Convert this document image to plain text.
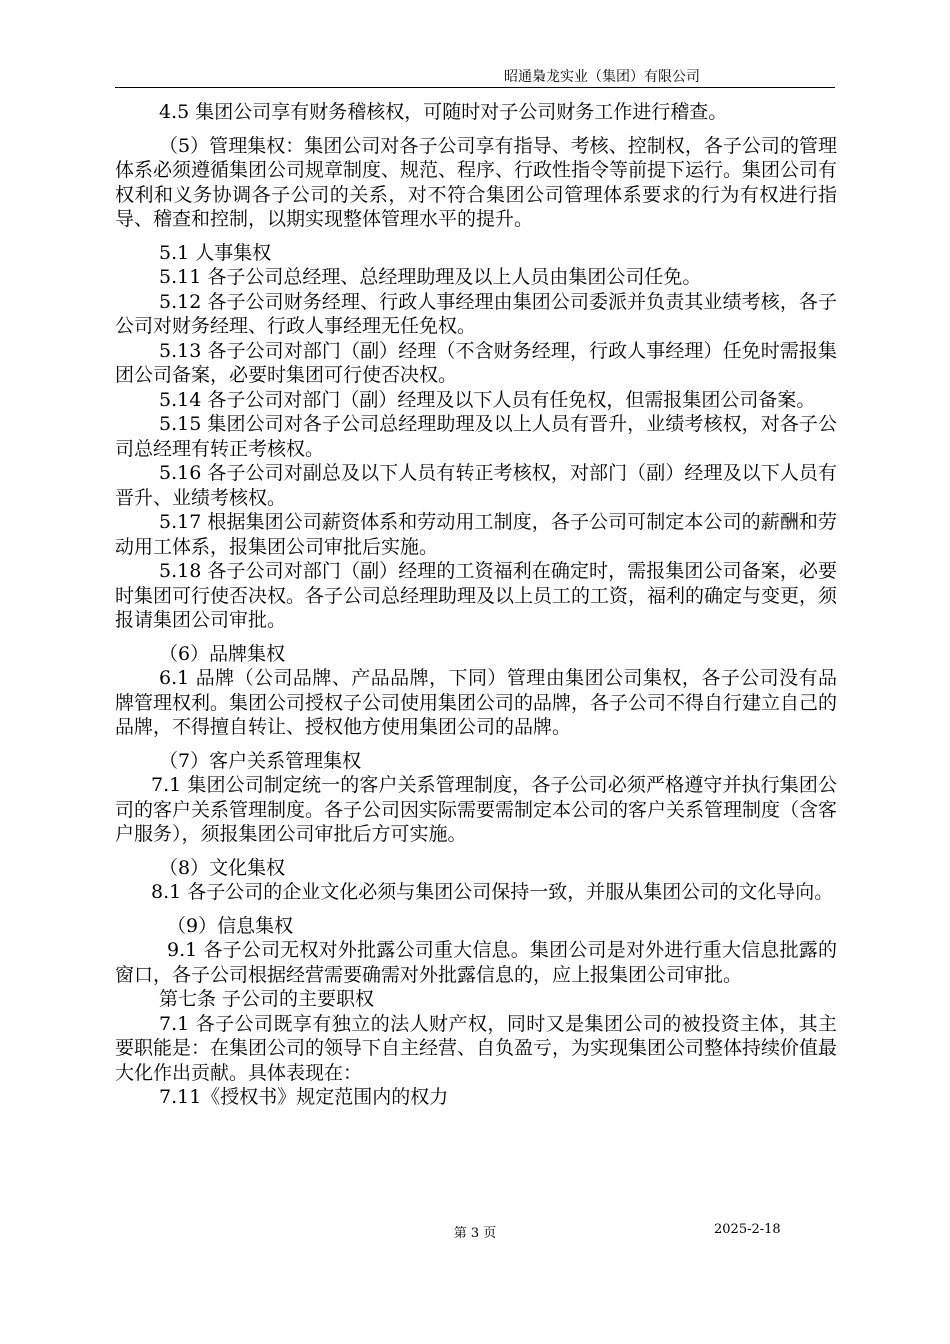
昭通梟龙实业（集团）有限公司

4.5 集团公司享有财务稽核权，可随时对子公司财务工作进行稽查。

（5）管理集权：集团公司对各子公司享有指导、考核、控制权，各子公司的管理体系必须遵循集团公司规章制度、规范、程序、行政性指令等前提下运行。集团公司有权利和义务协调各子公司的关系，对不符合集团公司管理体系要求的行为有权进行指导、稽查和控制，以期实现整体管理水平的提升。

5.1 人事集权

5.11 各子公司总经理、总经理助理及以上人员由集团公司任免。

5.12 各子公司财务经理、行政人事经理由集团公司委派并负责其业绩考核，各子公司对财务经理、行政人事经理无任免权。

5.13 各子公司对部门（副）经理（不含财务经理，行政人事经理）任免时需报集团公司备案，必要时集团可行使否决权。

5.14 各子公司对部门（副）经理及以下人员有任免权，但需报集团公司备案。

5.15 集团公司对各子公司总经理助理及以上人员有晋升，业绩考核权，对各子公司总经理有转正考核权。

5.16 各子公司对副总及以下人员有转正考核权，对部门（副）经理及以下人员有晋升、业绩考核权。

5.17 根据集团公司薪资体系和劳动用工制度，各子公司可制定本公司的薪酬和劳动用工体系，报集团公司审批后实施。

5.18 各子公司对部门（副）经理的工资福利在确定时，需报集团公司备案，必要时集团可行使否决权。各子公司总经理助理及以上员工的工资，福利的确定与变更，须报请集团公司审批。

（6）品牌集权

6.1 品牌（公司品牌、产品品牌，下同）管理由集团公司集权，各子公司没有品牌管理权利。集团公司授权子公司使用集团公司的品牌，各子公司不得自行建立自己的品牌，不得擅自转让、授权他方使用集团公司的品牌。

（7）客户关系管理集权

7.1 集团公司制定统一的客户关系管理制度，各子公司必须严格遵守并执行集团公司的客户关系管理制度。各子公司因实际需要需制定本公司的客户关系管理制度（含客户服务），须报集团公司审批后方可实施。

（8）文化集权

8.1 各子公司的企业文化必须与集团公司保持一致，并服从集团公司的文化导向。

（9）信息集权

9.1 各子公司无权对外批露公司重大信息。集团公司是对外进行重大信息批露的窗口，各子公司根据经营需要确需对外批露信息的，应上报集团公司审批。

第七条 子公司的主要职权

7.1 各子公司既享有独立的法人财产权，同时又是集团公司的被投资主体，其主要职能是：在集团公司的领导下自主经营、自负盈亏，为实现集团公司整体持续价值最大化作出贡献。具体表现在：

7.11《授权书》规定范围内的权力

第 3 页	2025-2-18
